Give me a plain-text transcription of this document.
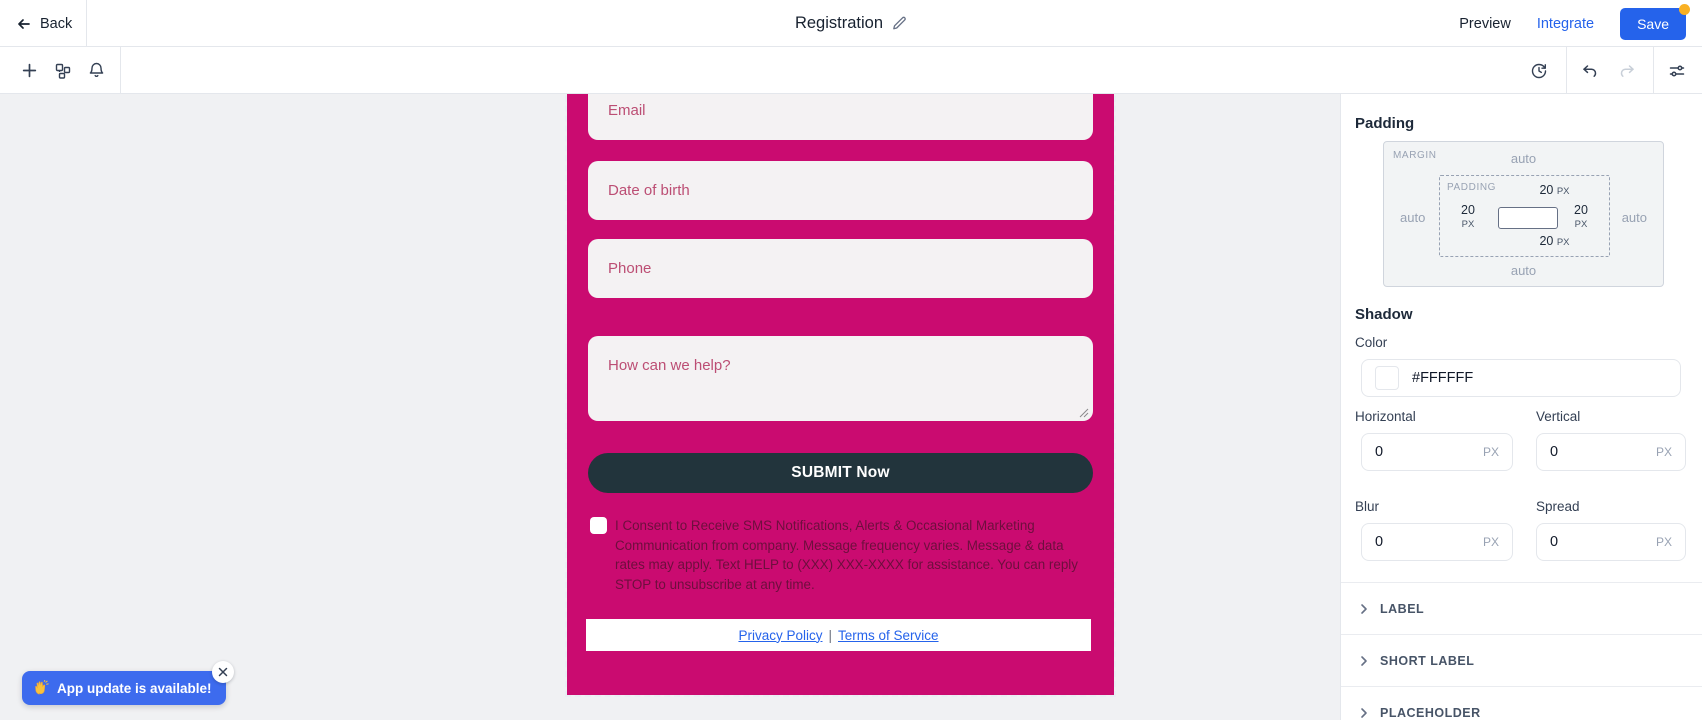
Back	Registration	Preview Integrate	Save
Email
Date of birth
Phone
How can we help?
SUBMIT Now
I Consent to Receive SMS Notifications, Alerts & Occasional Marketing Communication from company. Message frequency varies. Message & data rates may apply. Text HELP to (XXX) XXX-XXXX for assistance. You can reply STOP to unsubscribe at any time.
Privacy Policy | Terms of Service
Padding
MARGIN	auto
auto	auto
auto
PADDING	20 PX
20
PX
20
PX
20 PX
Shadow
Color
#FFFFFF
Horizontal	Vertical
0	PX	0	PX
Blur	Spread
0	PX	0	PX
LABEL
SHORT LABEL
PLACEHOLDER
App update is available!
